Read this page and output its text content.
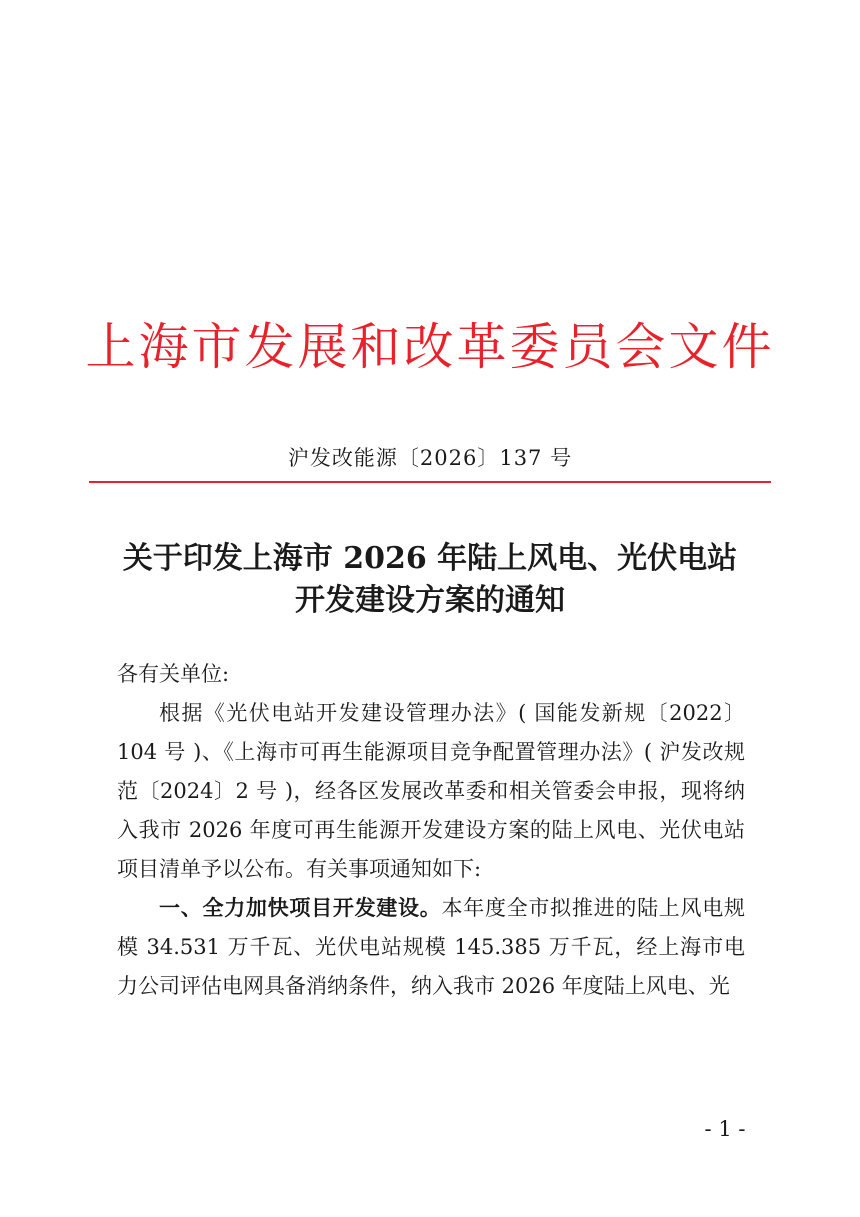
上海市发展和改革委员会文件
沪发改能源〔2026〕137 号
关于印发上海市 2026 年陆上风电、光伏电站
开发建设方案的通知

各有关单位:

根据《光伏电站开发建设管理办法》( 国能发新规〔2022〕104 号 )、《上海市可再生能源项目竞争配置管理办法》( 沪发改规范〔2024〕2 号 )，经各区发展改革委和相关管委会申报，现将纳入我市 2026 年度可再生能源开发建设方案的陆上风电、光伏电站项目清单予以公布。有关事项通知如下:

一、全力加快项目开发建设。本年度全市拟推进的陆上风电规模 34.531 万千瓦、光伏电站规模 145.385 万千瓦，经上海市电力公司评估电网具备消纳条件，纳入我市 2026 年度陆上风电、光

- 1 -
